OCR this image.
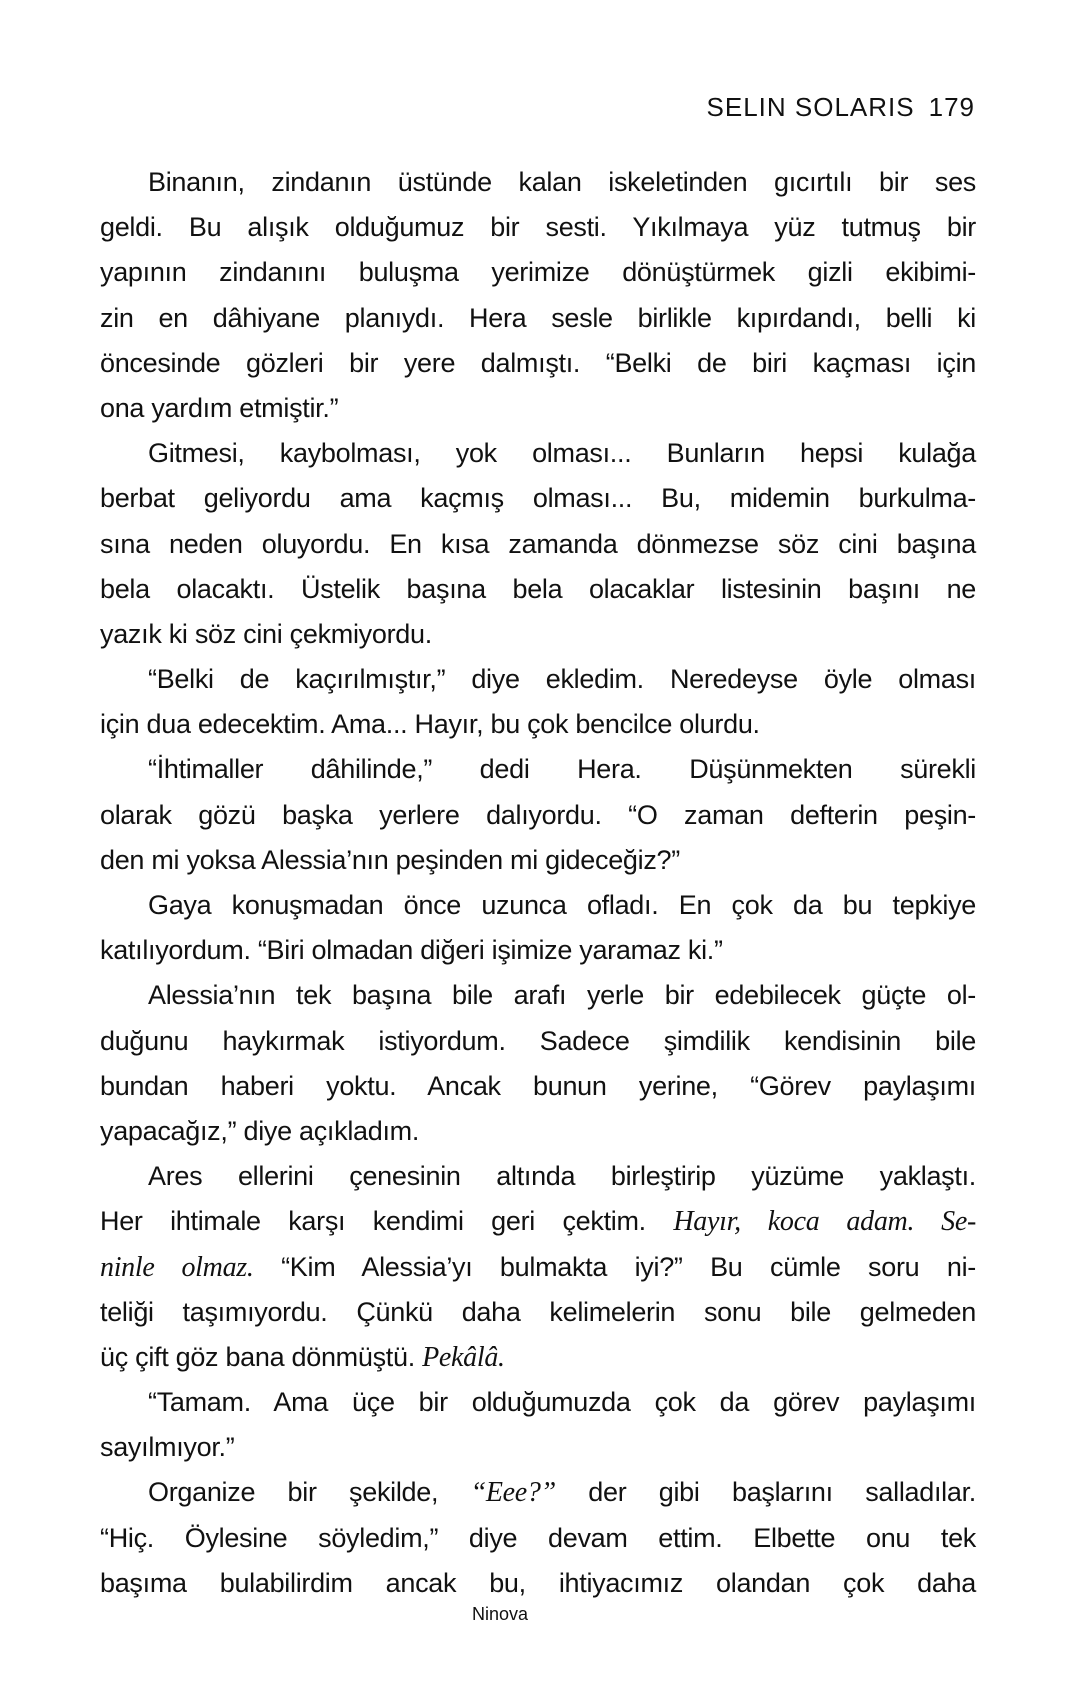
SELIN SOLARIS 179
Binanın, zindanın üstünde kalan iskeletinden gıcırtılı bir ses
geldi. Bu alışık olduğumuz bir sesti. Yıkılmaya yüz tutmuş bir
yapının zindanını buluşma yerimize dönüştürmek gizli ekibimi-
zin en dâhiyane planıydı. Hera sesle birlikle kıpırdandı, belli ki
öncesinde gözleri bir yere dalmıştı. “Belki de biri kaçması için
ona yardım etmiştir.”
Gitmesi, kaybolması, yok olması... Bunların hepsi kulağa
berbat geliyordu ama kaçmış olması... Bu, midemin burkulma-
sına neden oluyordu. En kısa zamanda dönmezse söz cini başına
bela olacaktı. Üstelik başına bela olacaklar listesinin başını ne
yazık ki söz cini çekmiyordu.
“Belki de kaçırılmıştır,” diye ekledim. Neredeyse öyle olması
için dua edecektim. Ama... Hayır, bu çok bencilce olurdu.
“İhtimaller dâhilinde,” dedi Hera. Düşünmekten sürekli
olarak gözü başka yerlere dalıyordu. “O zaman defterin peşin-
den mi yoksa Alessia’nın peşinden mi gideceğiz?”
Gaya konuşmadan önce uzunca ofladı. En çok da bu tepkiye
katılıyordum. “Biri olmadan diğeri işimize yaramaz ki.”
Alessia’nın tek başına bile arafı yerle bir edebilecek güçte ol-
duğunu haykırmak istiyordum. Sadece şimdilik kendisinin bile
bundan haberi yoktu. Ancak bunun yerine, “Görev paylaşımı
yapacağız,” diye açıkladım.
Ares ellerini çenesinin altında birleştirip yüzüme yaklaştı.
Her ihtimale karşı kendimi geri çektim. Hayır, koca adam. Se-
ninle olmaz. “Kim Alessia’yı bulmakta iyi?” Bu cümle soru ni-
teliği taşımıyordu. Çünkü daha kelimelerin sonu bile gelmeden
üç çift göz bana dönmüştü. Pekâlâ.
“Tamam. Ama üçe bir olduğumuzda çok da görev paylaşımı
sayılmıyor.”
Organize bir şekilde, “Eee?” der gibi başlarını salladılar.
“Hiç. Öylesine söyledim,” diye devam ettim. Elbette onu tek
başıma bulabilirdim ancak bu, ihtiyacımız olandan çok daha
Ninova
